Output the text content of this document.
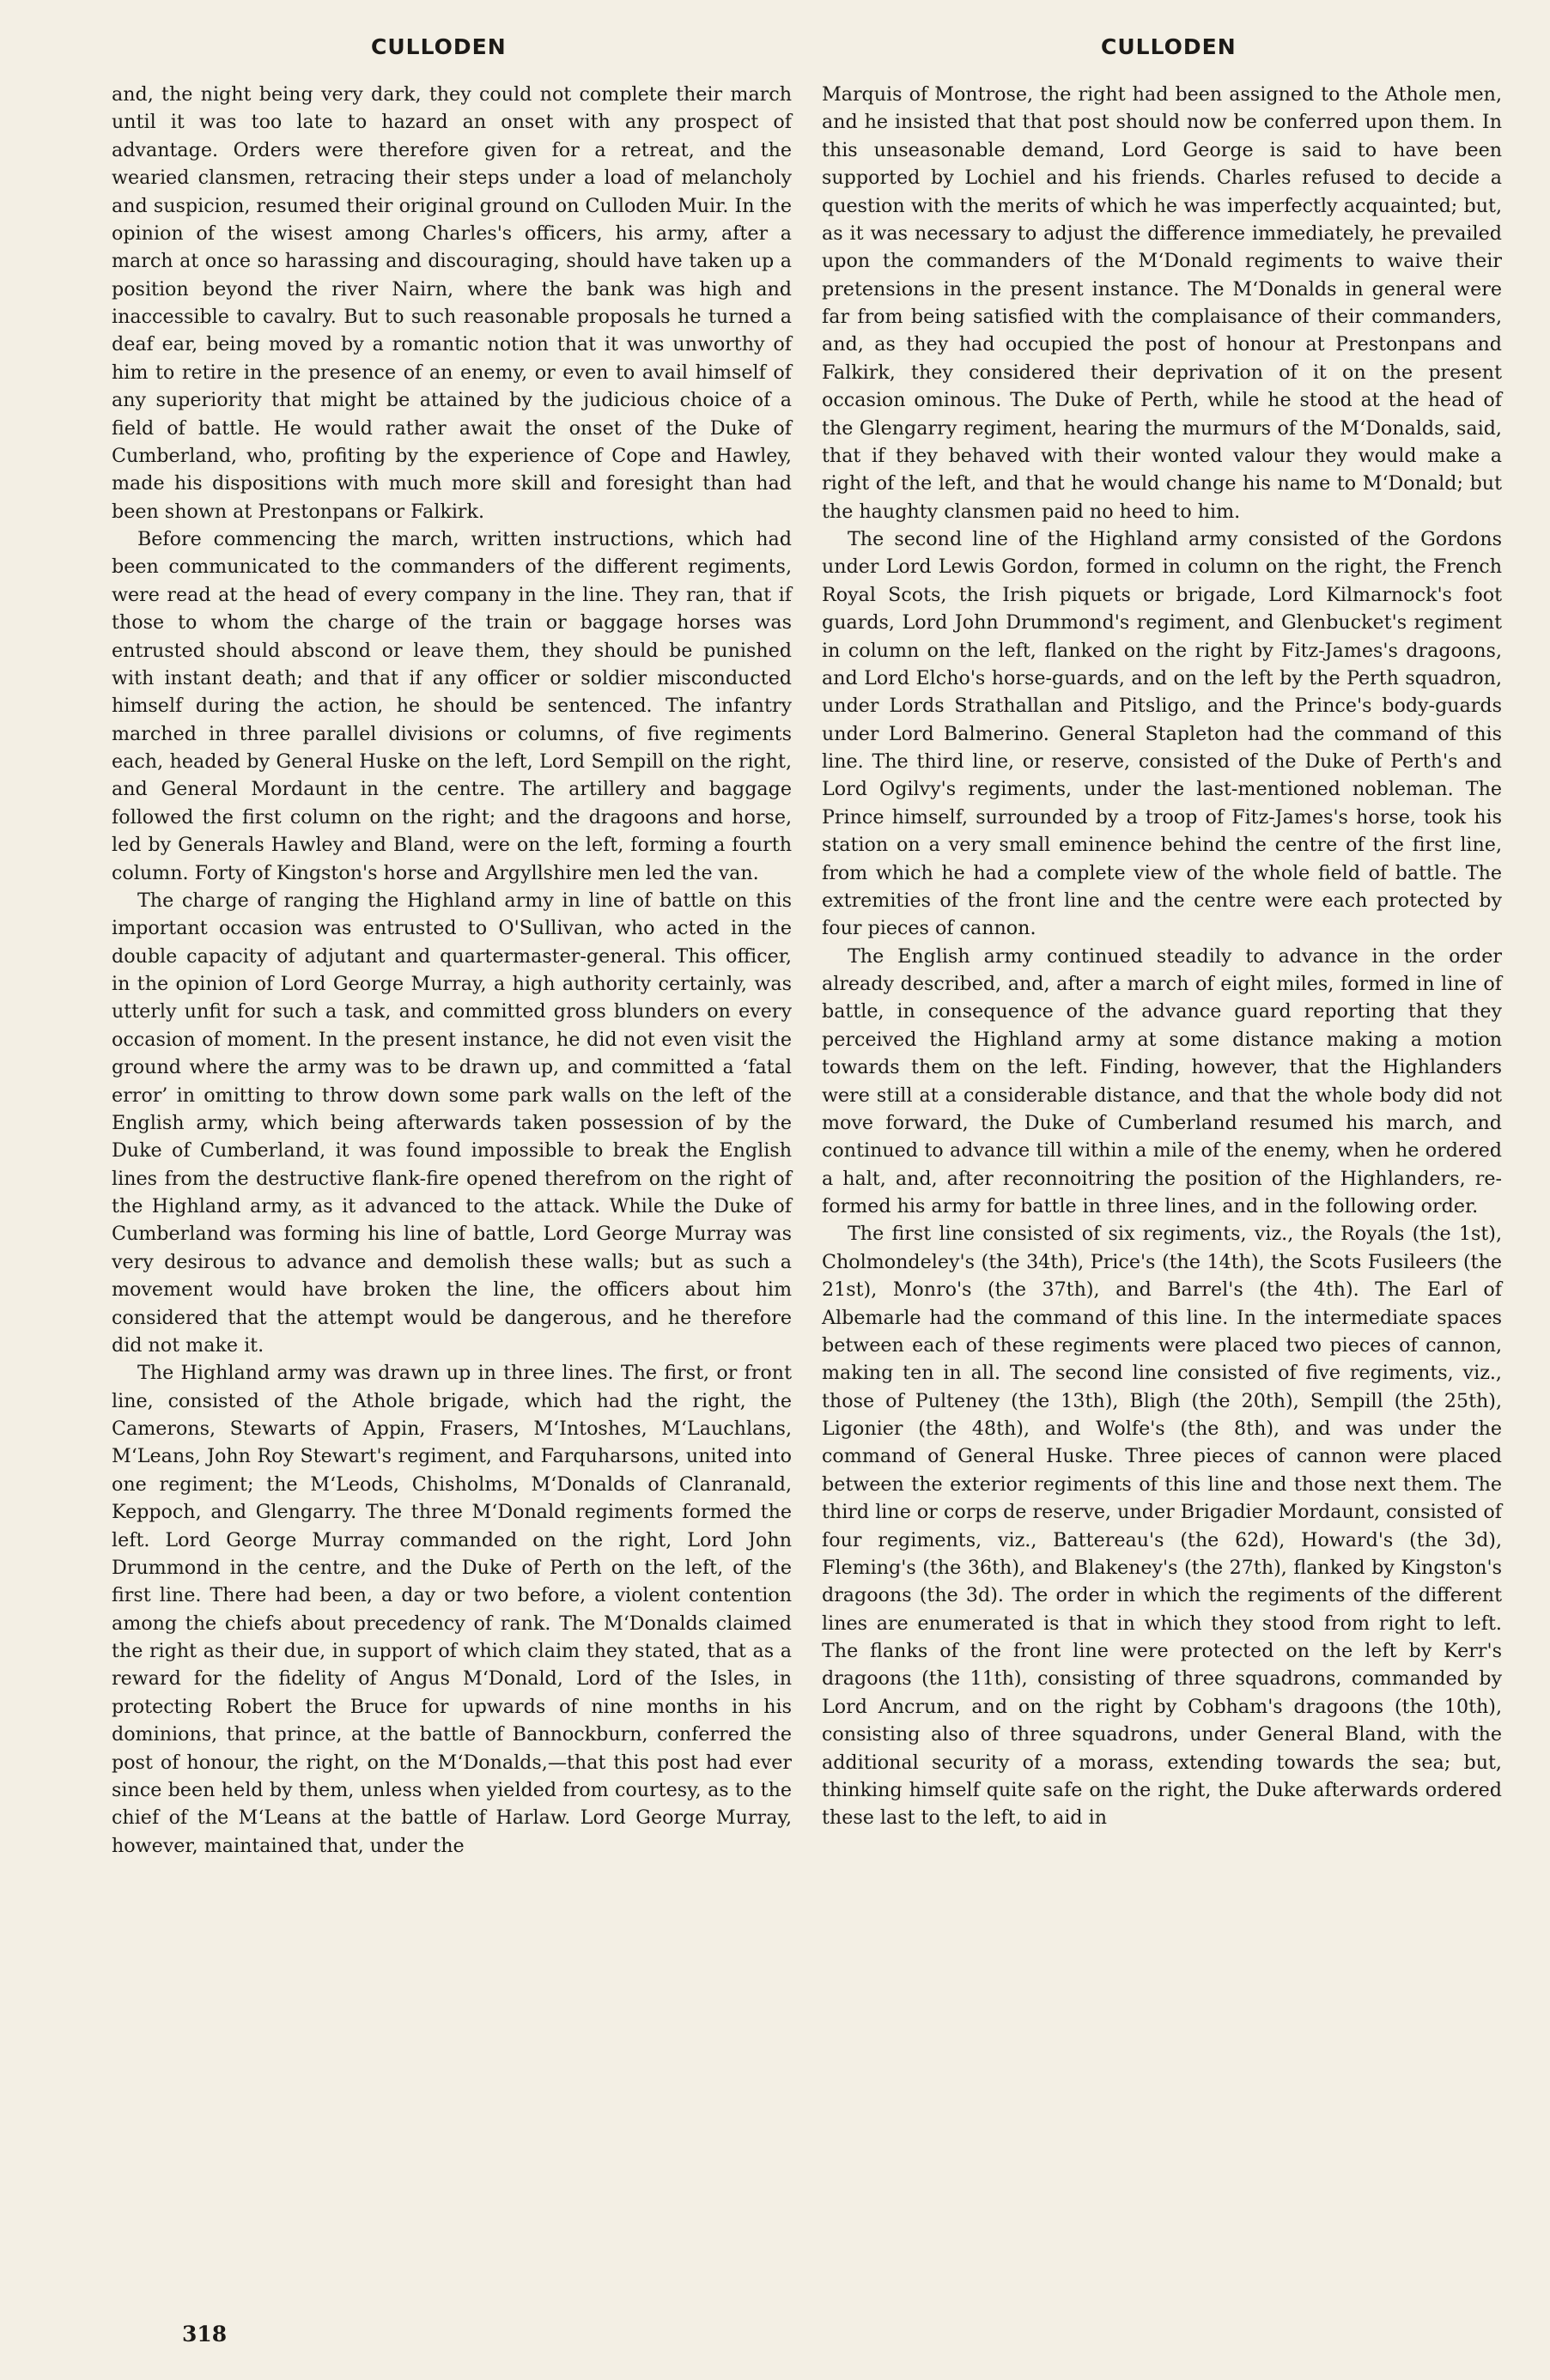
CULLODEN	CULLODEN

and, the night being very dark, they could not complete their march until it was too late to hazard an onset with any prospect of advantage. Orders were therefore given for a retreat, and the wearied clansmen, retracing their steps under a load of melancholy and suspicion, resumed their original ground on Culloden Muir. In the opinion of the wisest among Charles's officers, his army, after a march at once so harassing and discouraging, should have taken up a position beyond the river Nairn, where the bank was high and inaccessible to cavalry. But to such reasonable proposals he turned a deaf ear, being moved by a romantic notion that it was unworthy of him to retire in the presence of an enemy, or even to avail himself of any superiority that might be attained by the judicious choice of a field of battle. He would rather await the onset of the Duke of Cumberland, who, profiting by the experience of Cope and Hawley, made his dispositions with much more skill and foresight than had been shown at Prestonpans or Falkirk.

Before commencing the march, written instructions, which had been communicated to the commanders of the different regiments, were read at the head of every company in the line. They ran, that if those to whom the charge of the train or baggage horses was entrusted should abscond or leave them, they should be punished with instant death; and that if any officer or soldier misconducted himself during the action, he should be sentenced. The infantry marched in three parallel divisions or columns, of five regiments each, headed by General Huske on the left, Lord Sempill on the right, and General Mordaunt in the centre. The artillery and baggage followed the first column on the right; and the dragoons and horse, led by Generals Hawley and Bland, were on the left, forming a fourth column. Forty of Kingston's horse and Argyllshire men led the van.

The charge of ranging the Highland army in line of battle on this important occasion was entrusted to O'Sullivan, who acted in the double capacity of adjutant and quartermaster-general. This officer, in the opinion of Lord George Murray, a high authority certainly, was utterly unfit for such a task, and committed gross blunders on every occasion of moment. In the present instance, he did not even visit the ground where the army was to be drawn up, and committed a ‘fatal error’ in omitting to throw down some park walls on the left of the English army, which being afterwards taken possession of by the Duke of Cumberland, it was found impossible to break the English lines from the destructive flank-fire opened therefrom on the right of the Highland army, as it advanced to the attack. While the Duke of Cumberland was forming his line of battle, Lord George Murray was very desirous to advance and demolish these walls; but as such a movement would have broken the line, the officers about him considered that the attempt would be dangerous, and he therefore did not make it.

The Highland army was drawn up in three lines. The first, or front line, consisted of the Athole brigade, which had the right, the Camerons, Stewarts of Appin, Frasers, M‘Intoshes, M‘Lauchlans, M‘Leans, John Roy Stewart's regiment, and Farquharsons, united into one regiment; the M‘Leods, Chisholms, M‘Donalds of Clanranald, Keppoch, and Glengarry. The three M‘Donald regiments formed the left. Lord George Murray commanded on the right, Lord John Drummond in the centre, and the Duke of Perth on the left, of the first line. There had been, a day or two before, a violent contention among the chiefs about precedency of rank. The M‘Donalds claimed the right as their due, in support of which claim they stated, that as a reward for the fidelity of Angus M‘Donald, Lord of the Isles, in protecting Robert the Bruce for upwards of nine months in his dominions, that prince, at the battle of Bannockburn, conferred the post of honour, the right, on the M‘Donalds,—that this post had ever since been held by them, unless when yielded from courtesy, as to the chief of the M‘Leans at the battle of Harlaw. Lord George Murray, however, maintained that, under the

Marquis of Montrose, the right had been assigned to the Athole men, and he insisted that that post should now be conferred upon them. In this unseasonable demand, Lord George is said to have been supported by Lochiel and his friends. Charles refused to decide a question with the merits of which he was imperfectly acquainted; but, as it was necessary to adjust the difference immediately, he prevailed upon the commanders of the M‘Donald regiments to waive their pretensions in the present instance. The M‘Donalds in general were far from being satisfied with the complaisance of their commanders, and, as they had occupied the post of honour at Prestonpans and Falkirk, they considered their deprivation of it on the present occasion ominous. The Duke of Perth, while he stood at the head of the Glengarry regiment, hearing the murmurs of the M‘Donalds, said, that if they behaved with their wonted valour they would make a right of the left, and that he would change his name to M‘Donald; but the haughty clansmen paid no heed to him.

The second line of the Highland army consisted of the Gordons under Lord Lewis Gordon, formed in column on the right, the French Royal Scots, the Irish piquets or brigade, Lord Kilmarnock's foot guards, Lord John Drummond's regiment, and Glenbucket's regiment in column on the left, flanked on the right by Fitz-James's dragoons, and Lord Elcho's horse-guards, and on the left by the Perth squadron, under Lords Strathallan and Pitsligo, and the Prince's body-guards under Lord Balmerino. General Stapleton had the command of this line. The third line, or reserve, consisted of the Duke of Perth's and Lord Ogilvy's regiments, under the last-mentioned nobleman. The Prince himself, surrounded by a troop of Fitz-James's horse, took his station on a very small eminence behind the centre of the first line, from which he had a complete view of the whole field of battle. The extremities of the front line and the centre were each protected by four pieces of cannon.

The English army continued steadily to advance in the order already described, and, after a march of eight miles, formed in line of battle, in consequence of the advance guard reporting that they perceived the Highland army at some distance making a motion towards them on the left. Finding, however, that the Highlanders were still at a considerable distance, and that the whole body did not move forward, the Duke of Cumberland resumed his march, and continued to advance till within a mile of the enemy, when he ordered a halt, and, after reconnoitring the position of the Highlanders, re-formed his army for battle in three lines, and in the following order.

The first line consisted of six regiments, viz., the Royals (the 1st), Cholmondeley's (the 34th), Price's (the 14th), the Scots Fusileers (the 21st), Monro's (the 37th), and Barrel's (the 4th). The Earl of Albemarle had the command of this line. In the intermediate spaces between each of these regiments were placed two pieces of cannon, making ten in all. The second line consisted of five regiments, viz., those of Pulteney (the 13th), Bligh (the 20th), Sempill (the 25th), Ligonier (the 48th), and Wolfe's (the 8th), and was under the command of General Huske. Three pieces of cannon were placed between the exterior regiments of this line and those next them. The third line or corps de reserve, under Brigadier Mordaunt, consisted of four regiments, viz., Battereau's (the 62d), Howard's (the 3d), Fleming's (the 36th), and Blakeney's (the 27th), flanked by Kingston's dragoons (the 3d). The order in which the regiments of the different lines are enumerated is that in which they stood from right to left. The flanks of the front line were protected on the left by Kerr's dragoons (the 11th), consisting of three squadrons, commanded by Lord Ancrum, and on the right by Cobham's dragoons (the 10th), consisting also of three squadrons, under General Bland, with the additional security of a morass, extending towards the sea; but, thinking himself quite safe on the right, the Duke afterwards ordered these last to the left, to aid in

318
